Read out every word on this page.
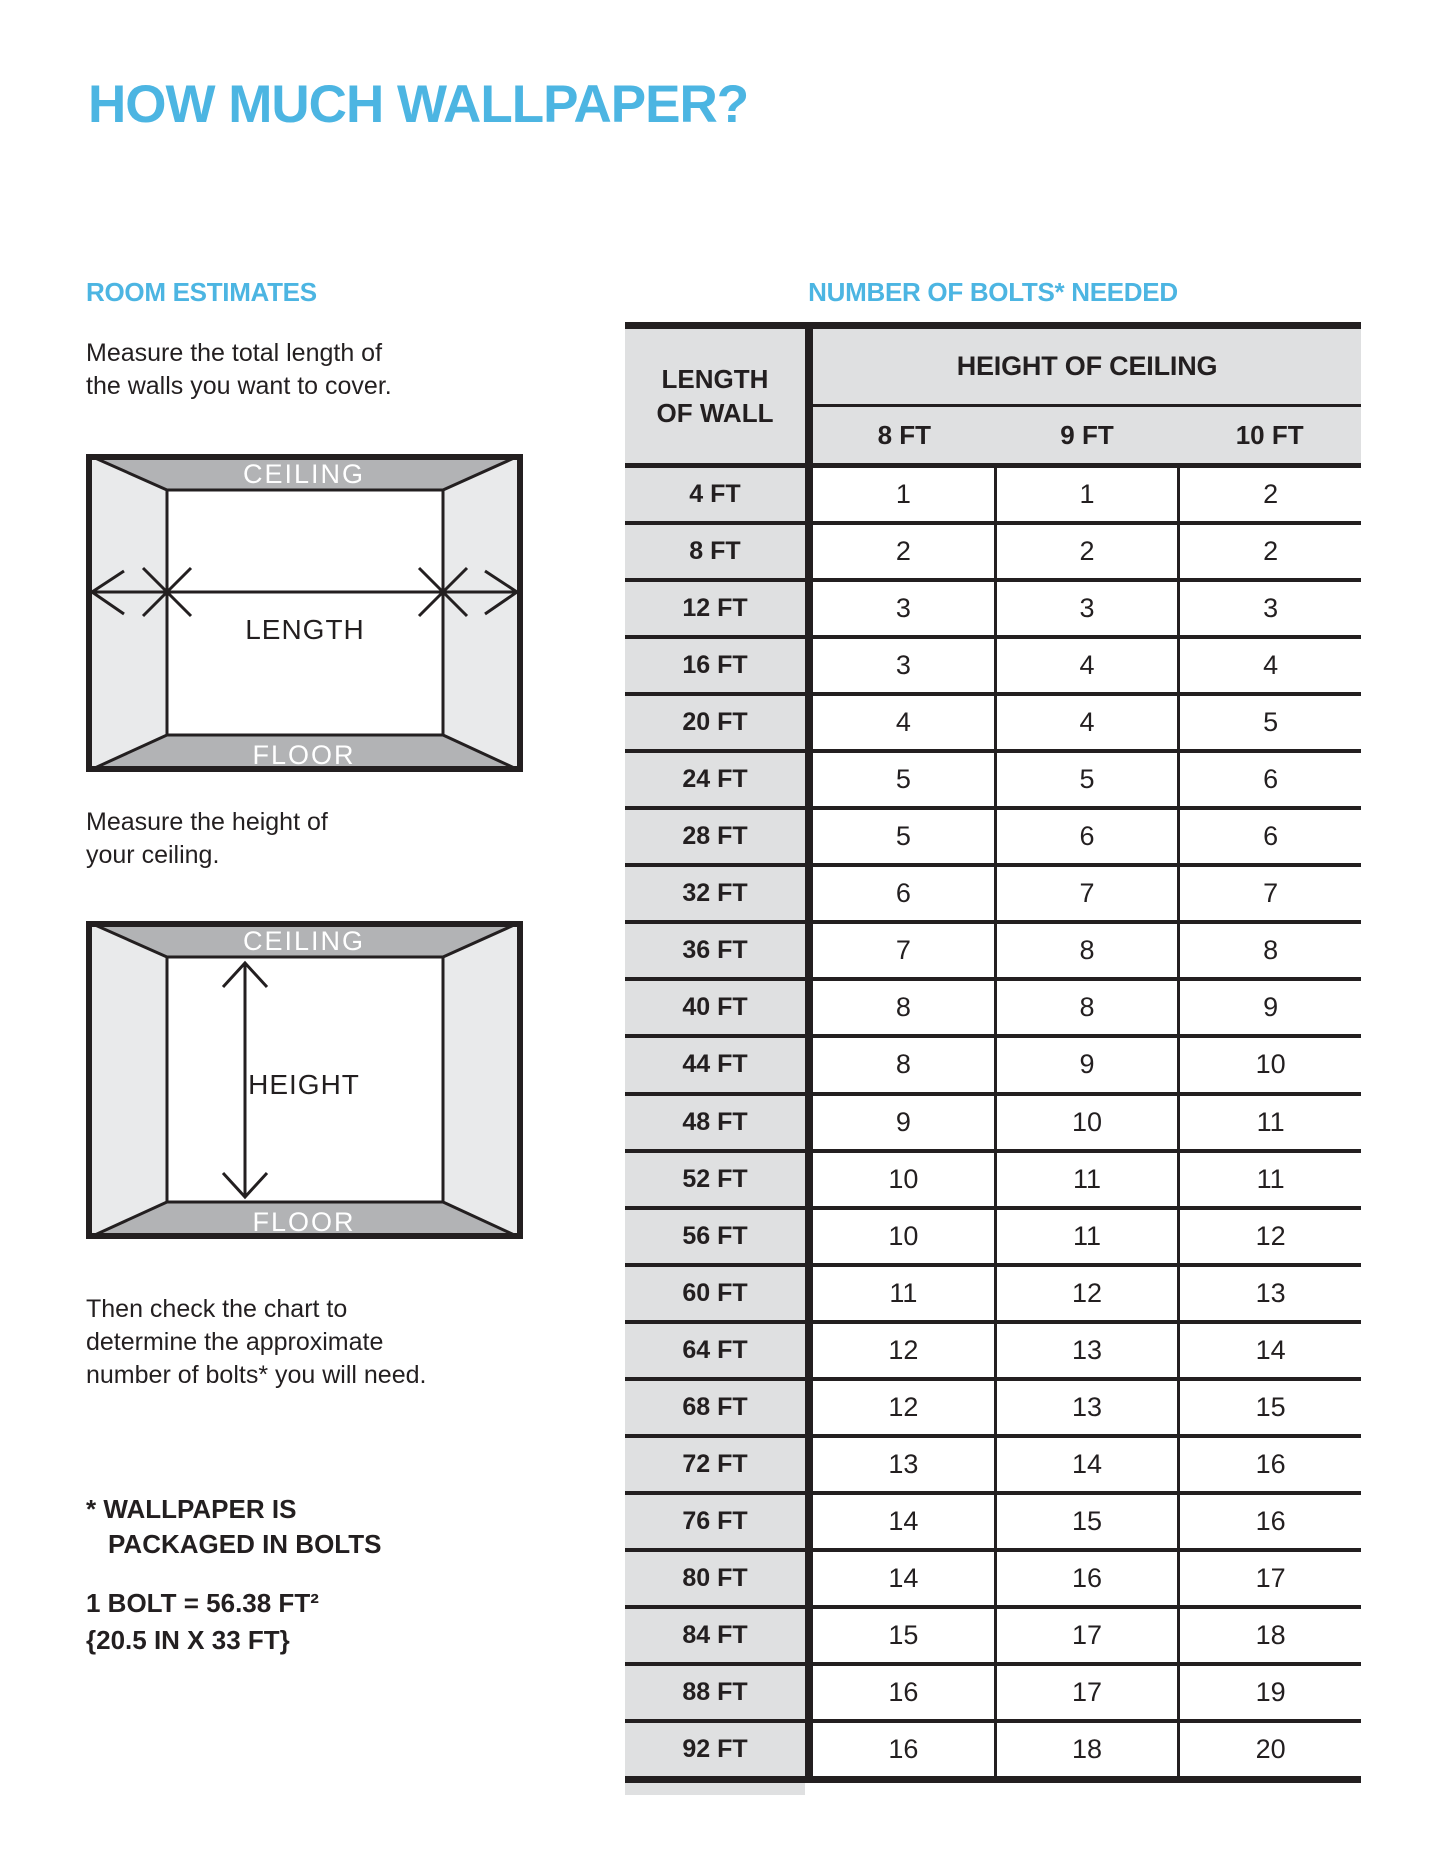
HOW MUCH WALLPAPER?
ROOM ESTIMATES
Measure the total length of
the walls you want to cover.
CEILING
FLOOR
LENGTH
Measure the height of
your ceiling.
CEILING
FLOOR
HEIGHT
Then check the chart to
determine the approximate
number of bolts* you will need.
* WALLPAPER IS
PACKAGED IN BOLTS
1 BOLT = 56.38 FT²
{20.5 IN X 33 FT}
NUMBER OF BOLTS* NEEDED
LENGTH
OF WALL
HEIGHT OF CEILING
8 FT	9 FT	10 FT
4 FT	1	1	2
8 FT	2	2	2
12 FT	3	3	3
16 FT	3	4	4
20 FT	4	4	5
24 FT	5	5	6
28 FT	5	6	6
32 FT	6	7	7
36 FT	7	8	8
40 FT	8	8	9
44 FT	8	9	10
48 FT	9	10	11
52 FT	10	11	11
56 FT	10	11	12
60 FT	11	12	13
64 FT	12	13	14
68 FT	12	13	15
72 FT	13	14	16
76 FT	14	15	16
80 FT	14	16	17
84 FT	15	17	18
88 FT	16	17	19
92 FT	16	18	20
